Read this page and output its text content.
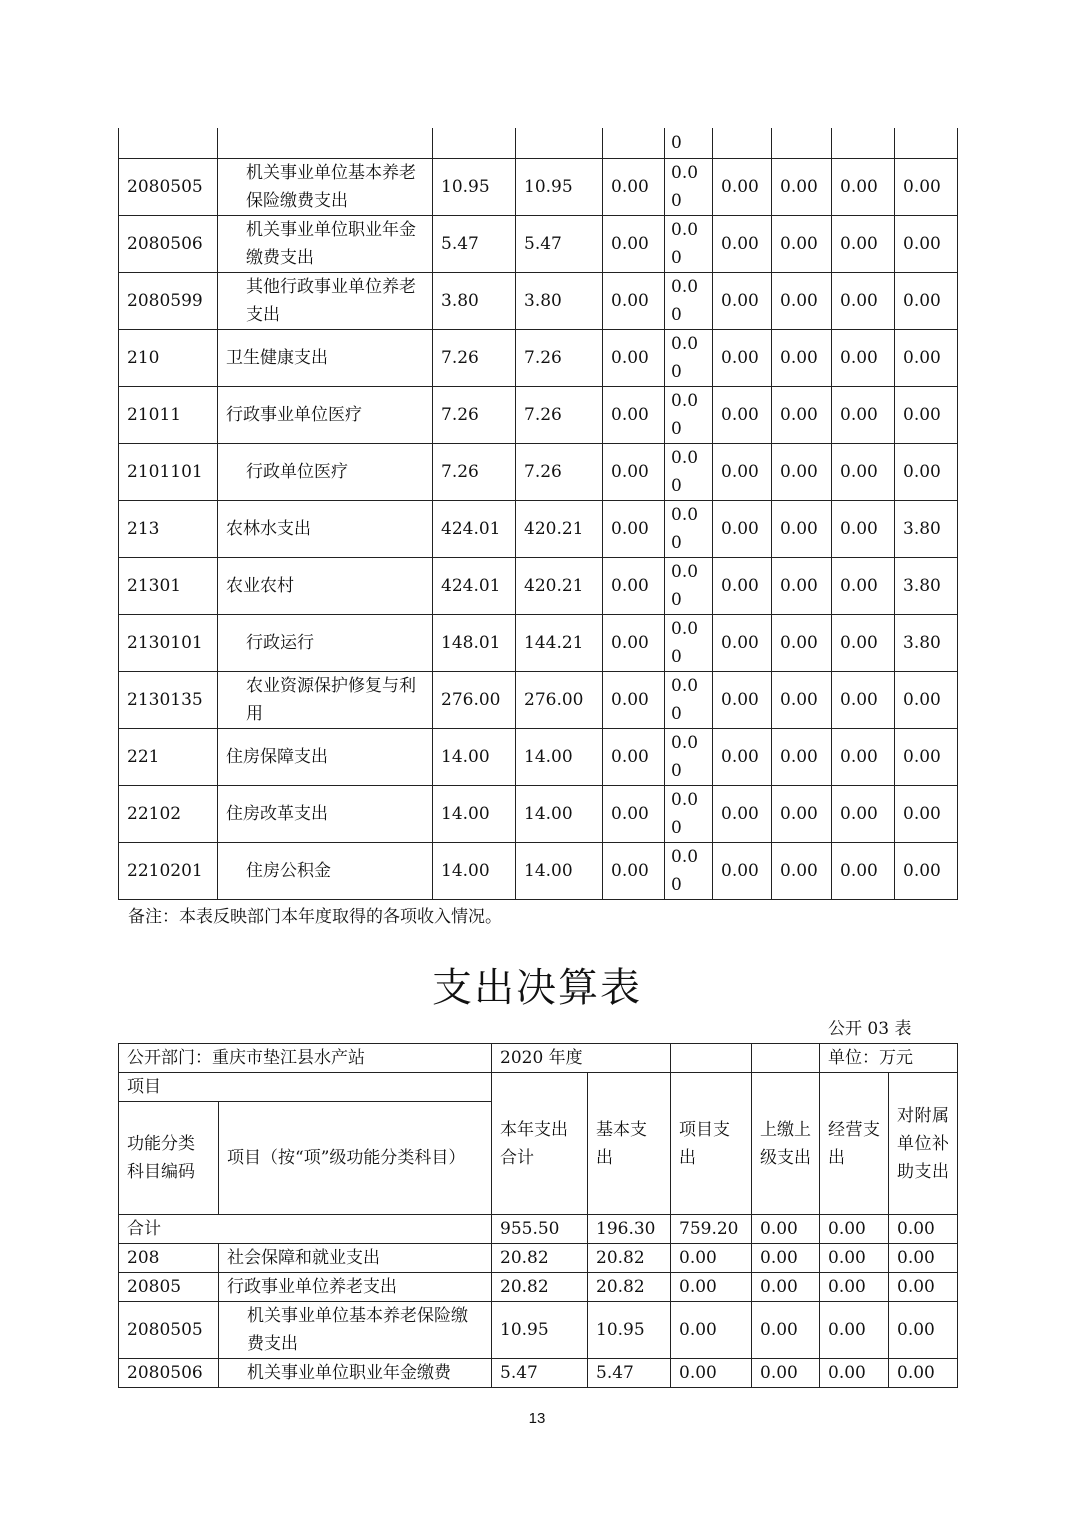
					0				
2080505	机关事业单位基本养老保险缴费支出	10.95	10.95	0.00	0.00	0.00	0.00	0.00	0.00
2080506	机关事业单位职业年金缴费支出	5.47	5.47	0.00	0.00	0.00	0.00	0.00	0.00
2080599	其他行政事业单位养老支出	3.80	3.80	0.00	0.00	0.00	0.00	0.00	0.00
210	卫生健康支出	7.26	7.26	0.00	0.00	0.00	0.00	0.00	0.00
21011	行政事业单位医疗	7.26	7.26	0.00	0.00	0.00	0.00	0.00	0.00
2101101	行政单位医疗	7.26	7.26	0.00	0.00	0.00	0.00	0.00	0.00
213	农林水支出	424.01	420.21	0.00	0.00	0.00	0.00	0.00	3.80
21301	农业农村	424.01	420.21	0.00	0.00	0.00	0.00	0.00	3.80
2130101	行政运行	148.01	144.21	0.00	0.00	0.00	0.00	0.00	3.80
2130135	农业资源保护修复与利用	276.00	276.00	0.00	0.00	0.00	0.00	0.00	0.00
221	住房保障支出	14.00	14.00	0.00	0.00	0.00	0.00	0.00	0.00
22102	住房改革支出	14.00	14.00	0.00	0.00	0.00	0.00	0.00	0.00
2210201	住房公积金	14.00	14.00	0.00	0.00	0.00	0.00	0.00	0.00
备注：本表反映部门本年度取得的各项收入情况。
支出决算表
公开 03 表
公开部门：重庆市垫江县水产站		2020 年度				单位：万元	
项目		本年支出合计	基本支出	项目支出	上缴上级支出	经营支出	对附属单位补助支出
功能分类科目编码	项目（按“项”级功能分类科目）						
合计		955.50	196.30	759.20	0.00	0.00	0.00
208	社会保障和就业支出	20.82	20.82	0.00	0.00	0.00	0.00
20805	行政事业单位养老支出	20.82	20.82	0.00	0.00	0.00	0.00
2080505	机关事业单位基本养老保险缴费支出	10.95	10.95	0.00	0.00	0.00	0.00
2080506	机关事业单位职业年金缴费	5.47	5.47	0.00	0.00	0.00	0.00
13
